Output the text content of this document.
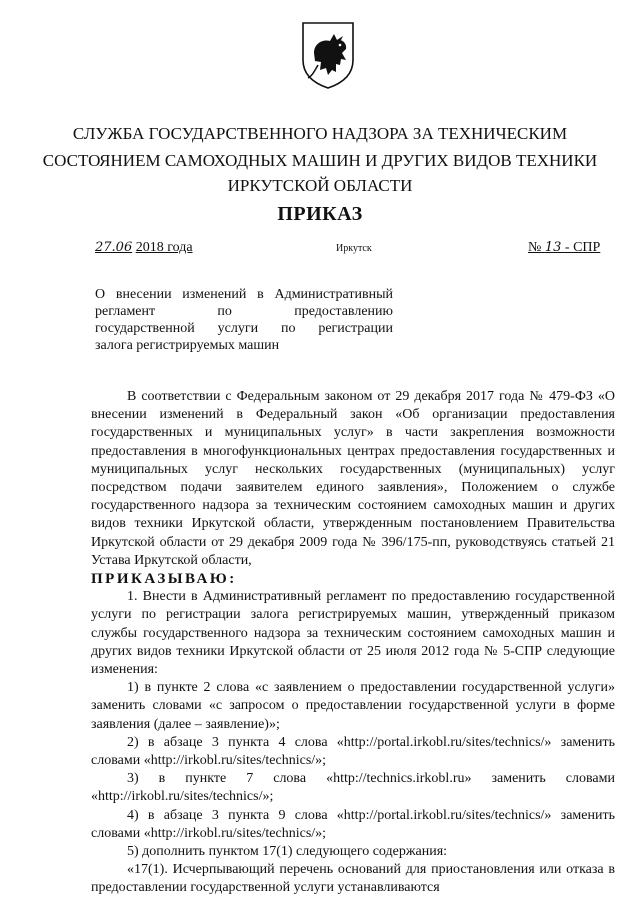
СЛУЖБА ГОСУДАРСТВЕННОГО НАДЗОРА ЗА ТЕХНИЧЕСКИМ
СОСТОЯНИЕМ САМОХОДНЫХ МАШИН И ДРУГИХ ВИДОВ ТЕХНИКИ
ИРКУТСКОЙ ОБЛАСТИ
ПРИКАЗ
27.06 2018 года	Иркутск	№ 13 - СПР
О внесении изменений в Административный
регламент по предоставлению
государственной услуги по регистрации
залога регистрируемых машин

В соответствии с Федеральным законом от 29 декабря 2017 года № 479-ФЗ «О внесении изменений в Федеральный закон «Об организации предоставления государственных и муниципальных услуг» в части закрепления возможности предоставления в многофункциональных центрах предоставления государственных и муниципальных услуг нескольких государственных (муниципальных) услуг посредством подачи заявителем единого заявления», Положением о службе государственного надзора за техническим состоянием самоходных машин и других видов техники Иркутской области, утвержденным постановлением Правительства Иркутской области от 29 декабря 2009 года № 396/175-пп, руководствуясь статьей 21 Устава Иркутской области,

ПРИКАЗЫВАЮ:

1. Внести в Административный регламент по предоставлению государственной услуги по регистрации залога регистрируемых машин, утвержденный приказом службы государственного надзора за техническим состоянием самоходных машин и других видов техники Иркутской области от 25 июля 2012 года № 5-СПР следующие изменения:

1) в пункте 2 слова «с заявлением о предоставлении государственной услуги» заменить словами «с запросом о предоставлении государственной услуги в форме заявления (далее – заявление)»;

2) в абзаце 3 пункта 4 слова «http://portal.irkobl.ru/sites/technics/» заменить словами «http://irkobl.ru/sites/technics/»;

3) в пункте 7 слова «http://technics.irkobl.ru» заменить словами «http://irkobl.ru/sites/technics/»;

4) в абзаце 3 пункта 9 слова «http://portal.irkobl.ru/sites/technics/» заменить словами «http://irkobl.ru/sites/technics/»;

5) дополнить пунктом 17(1) следующего содержания:

«17(1). Исчерпывающий перечень оснований для приостановления или отказа в предоставлении государственной услуги устанавливаются
